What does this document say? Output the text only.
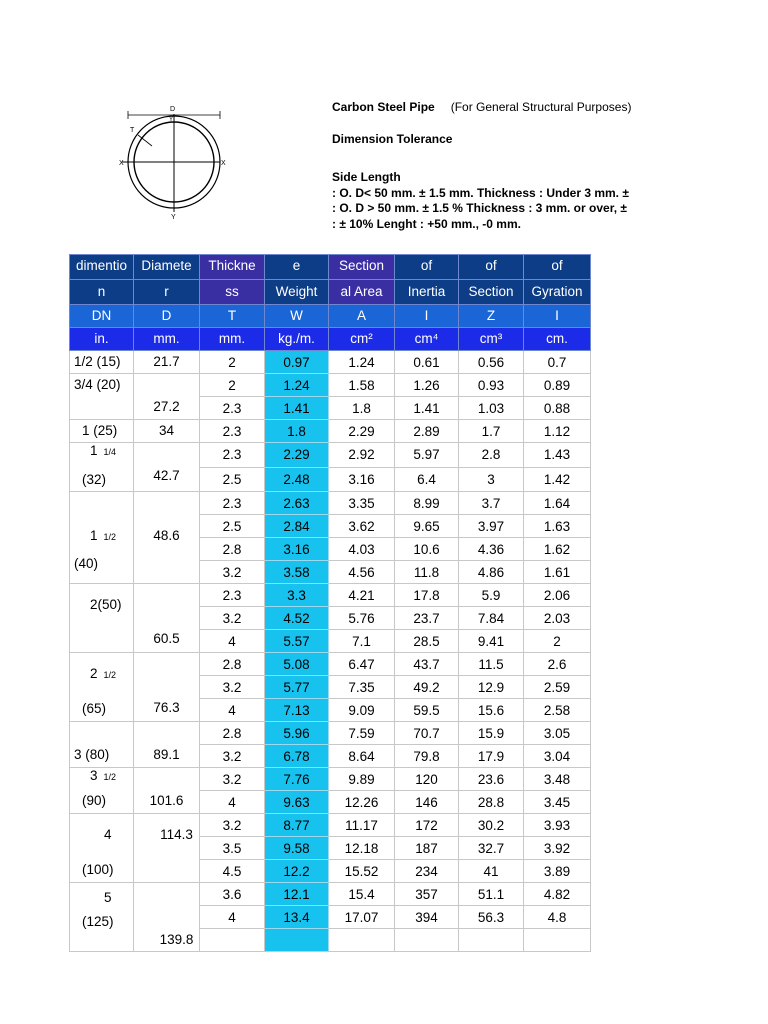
D
T
X	X
Y
Y
Carbon Steel Pipe (For General Structural Purposes)
Dimension Tolerance
Side Length
: O. D< 50 mm. ± 1.5 mm. Thickness : Under 3 mm. ±
: O. D > 50 mm. ± 1.5 % Thickness : 3 mm. or over, ±
: ± 10% Lenght : +50 mm., -0 mm.
dimentio	Diamete	Thickne	e	Section	of	of	of
n	r	ss	Weight	al Area	Inertia	Section	Gyration
DN	D	T	W	A	I	Z	I
in.	mm.	mm.	kg./m.	cm²	cm⁴	cm³	cm.

1/2 (15)	21.7	2	0.97	1.24	0.61	0.56	0.7

3/4 (20)	27.2	2	1.24	1.58	1.26	0.93	0.89
		2.3	1.41	1.8	1.41	1.03	0.88

1 (25)	34	2.3	1.8	2.29	2.89	1.7	1.12

1 1/4
(32)	42.7	2.3	2.29	2.92	5.97	2.8	1.43
		2.5	2.48	3.16	6.4	3	1.42

1 1/2
(40)	48.6	2.3	2.63	3.35	8.99	3.7	1.64
		2.5	2.84	3.62	9.65	3.97	1.63
		2.8	3.16	4.03	10.6	4.36	1.62
		3.2	3.58	4.56	11.8	4.86	1.61

2(50)	60.5	2.3	3.3	4.21	17.8	5.9	2.06
		3.2	4.52	5.76	23.7	7.84	2.03
		4	5.57	7.1	28.5	9.41	2

2 1/2
(65)	76.3	2.8	5.08	6.47	43.7	11.5	2.6
		3.2	5.77	7.35	49.2	12.9	2.59
		4	7.13	9.09	59.5	15.6	2.58

3 (80)	89.1	2.8	5.96	7.59	70.7	15.9	3.05
		3.2	6.78	8.64	79.8	17.9	3.04

3 1/2
(90)	101.6	3.2	7.76	9.89	120	23.6	3.48
		4	9.63	12.26	146	28.8	3.45

4
(100)	114.3	3.2	8.77	11.17	172	30.2	3.93
		3.5	9.58	12.18	187	32.7	3.92
		4.5	12.2	15.52	234	41	3.89

5
(125)	139.8	3.6	12.1	15.4	357	51.1	4.82
		4	13.4	17.07	394	56.3	4.8
